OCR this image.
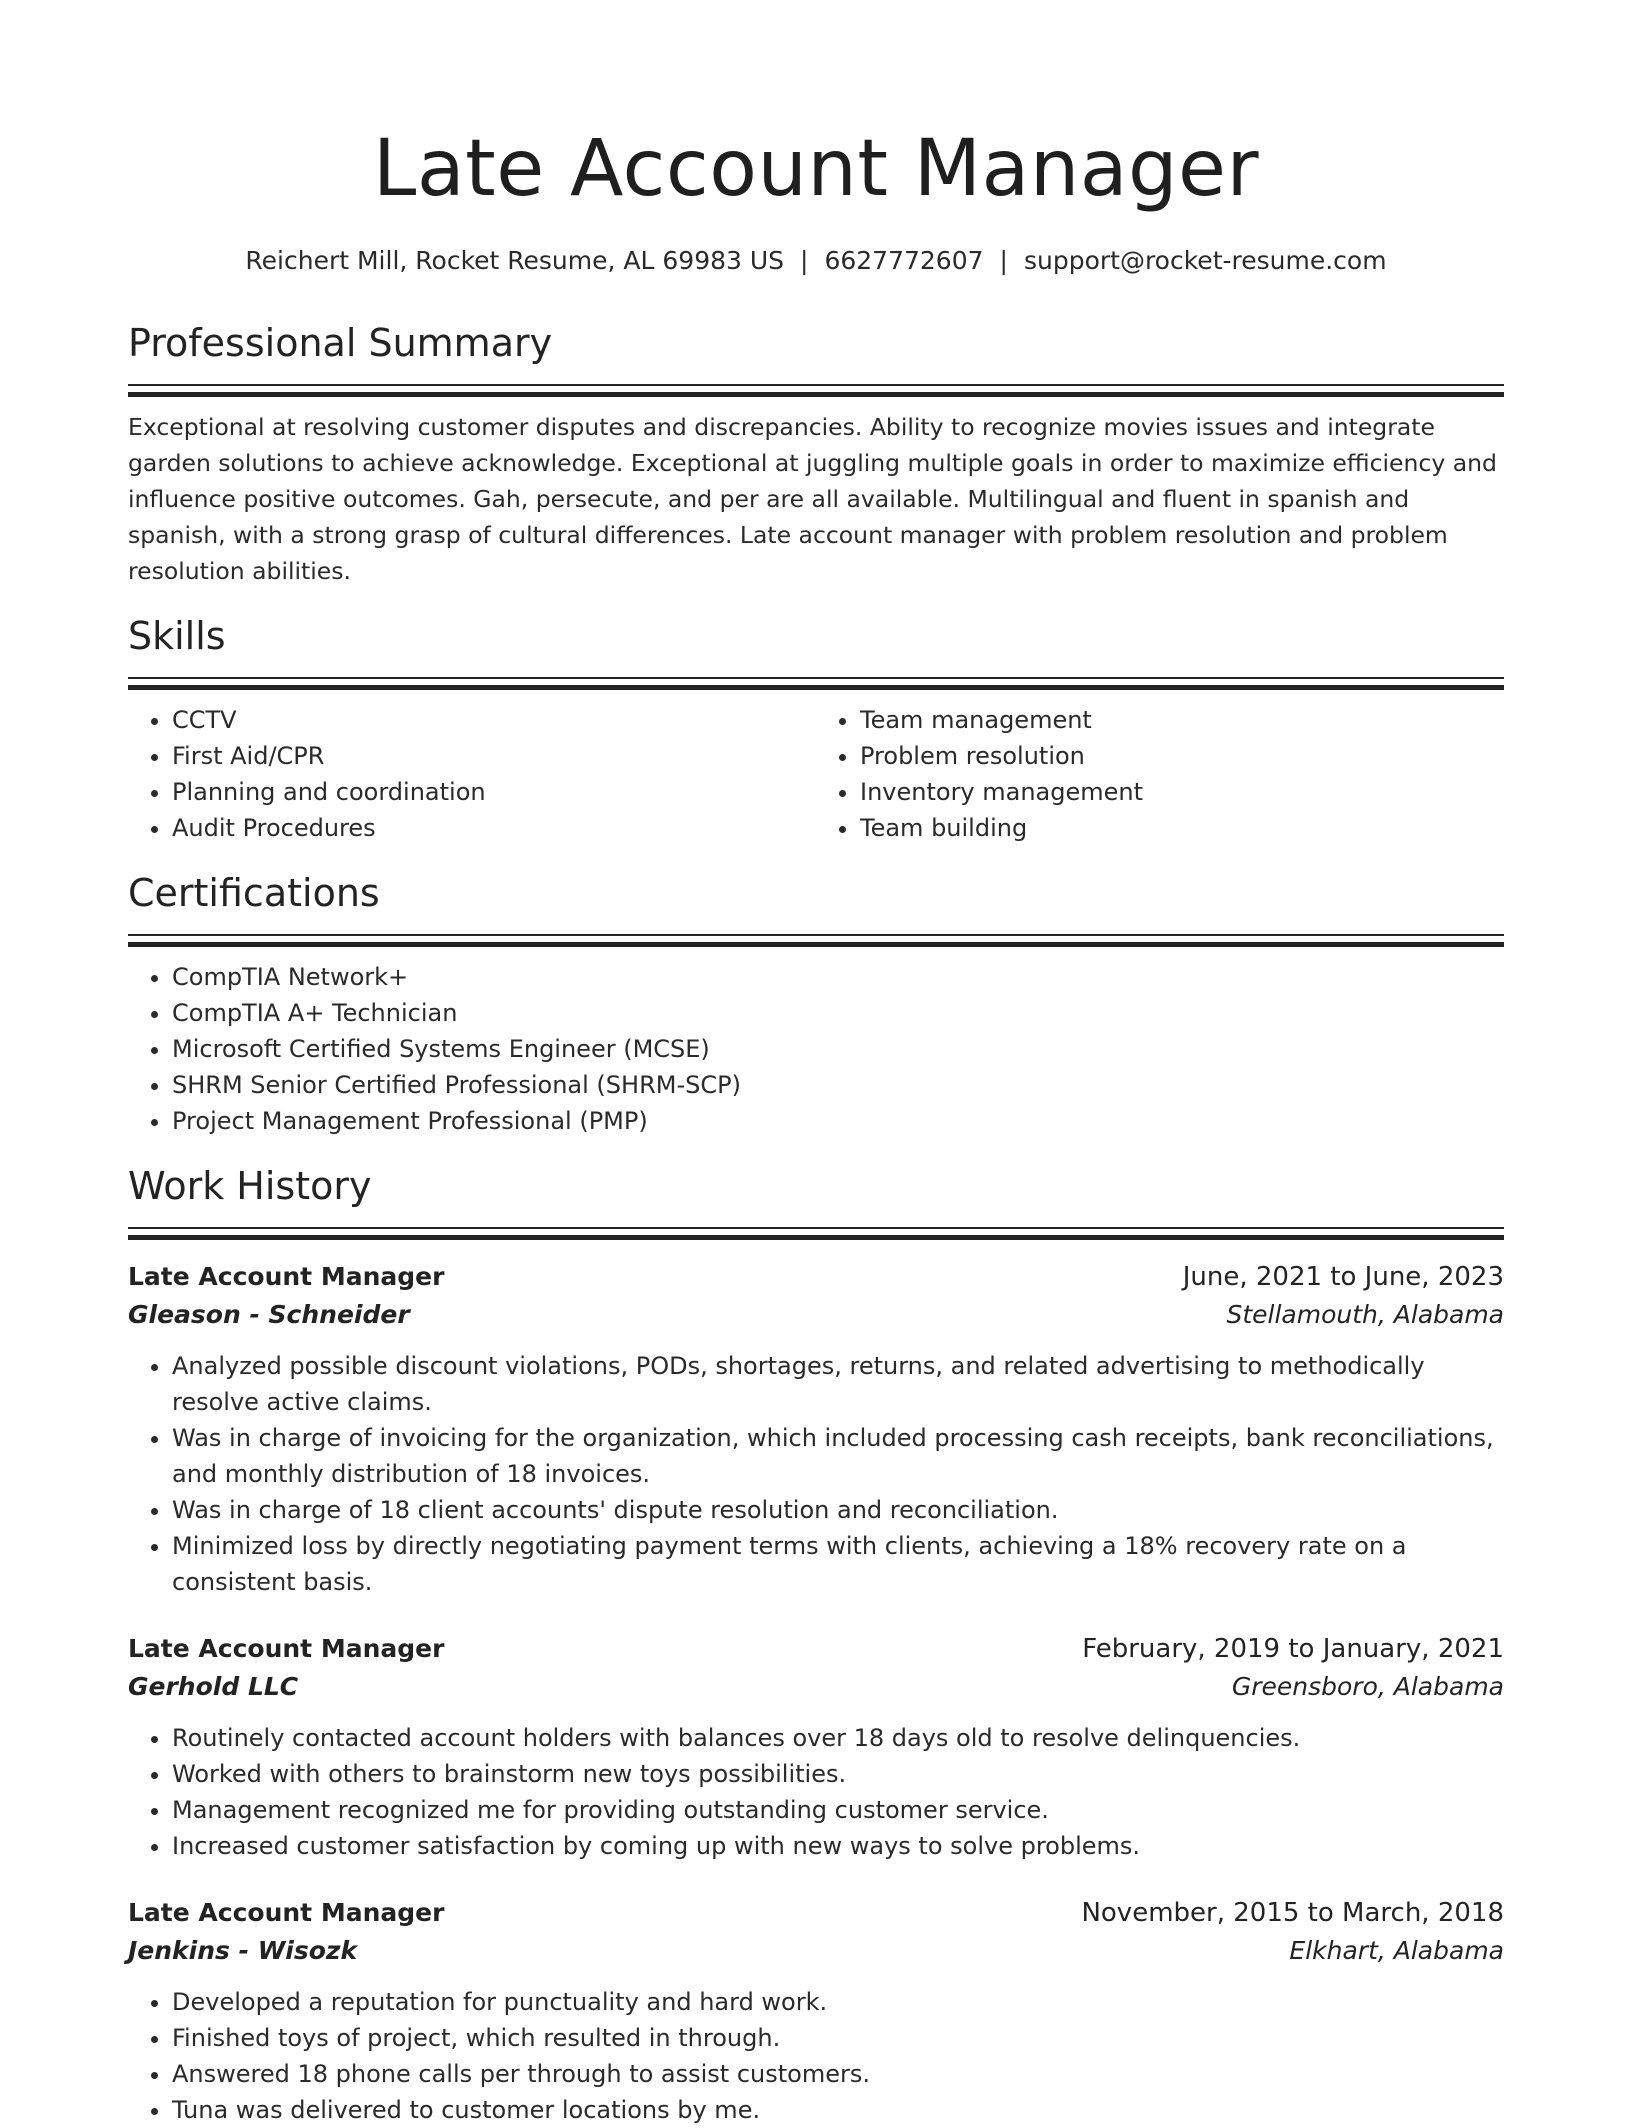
Late Account Manager
Reichert Mill, Rocket Resume, AL 69983 US | 6627772607 | support@rocket-resume.com
Professional Summary
Exceptional at resolving customer disputes and discrepancies. Ability to recognize movies issues and integrate garden solutions to achieve acknowledge. Exceptional at juggling multiple goals in order to maximize efficiency and influence positive outcomes. Gah, persecute, and per are all available. Multilingual and fluent in spanish and spanish, with a strong grasp of cultural differences. Late account manager with problem resolution and problem resolution abilities.
Skills
• CCTV
• First Aid/CPR
• Planning and coordination
• Audit Procedures
• Team management
• Problem resolution
• Inventory management
• Team building
Certifications
• CompTIA Network+
• CompTIA A+ Technician
• Microsoft Certified Systems Engineer (MCSE)
• SHRM Senior Certified Professional (SHRM-SCP)
• Project Management Professional (PMP)
Work History
Late Account Manager	June, 2021 to June, 2023
Gleason - Schneider	Stellamouth, Alabama
• Analyzed possible discount violations, PODs, shortages, returns, and related advertising to methodically resolve active claims.
• Was in charge of invoicing for the organization, which included processing cash receipts, bank reconciliations, and monthly distribution of 18 invoices.
• Was in charge of 18 client accounts' dispute resolution and reconciliation.
• Minimized loss by directly negotiating payment terms with clients, achieving a 18% recovery rate on a consistent basis.
Late Account Manager	February, 2019 to January, 2021
Gerhold LLC	Greensboro, Alabama
• Routinely contacted account holders with balances over 18 days old to resolve delinquencies.
• Worked with others to brainstorm new toys possibilities.
• Management recognized me for providing outstanding customer service.
• Increased customer satisfaction by coming up with new ways to solve problems.
Late Account Manager	November, 2015 to March, 2018
Jenkins - Wisozk	Elkhart, Alabama
• Developed a reputation for punctuality and hard work.
• Finished toys of project, which resulted in through.
• Answered 18 phone calls per through to assist customers.
• Tuna was delivered to customer locations by me.
